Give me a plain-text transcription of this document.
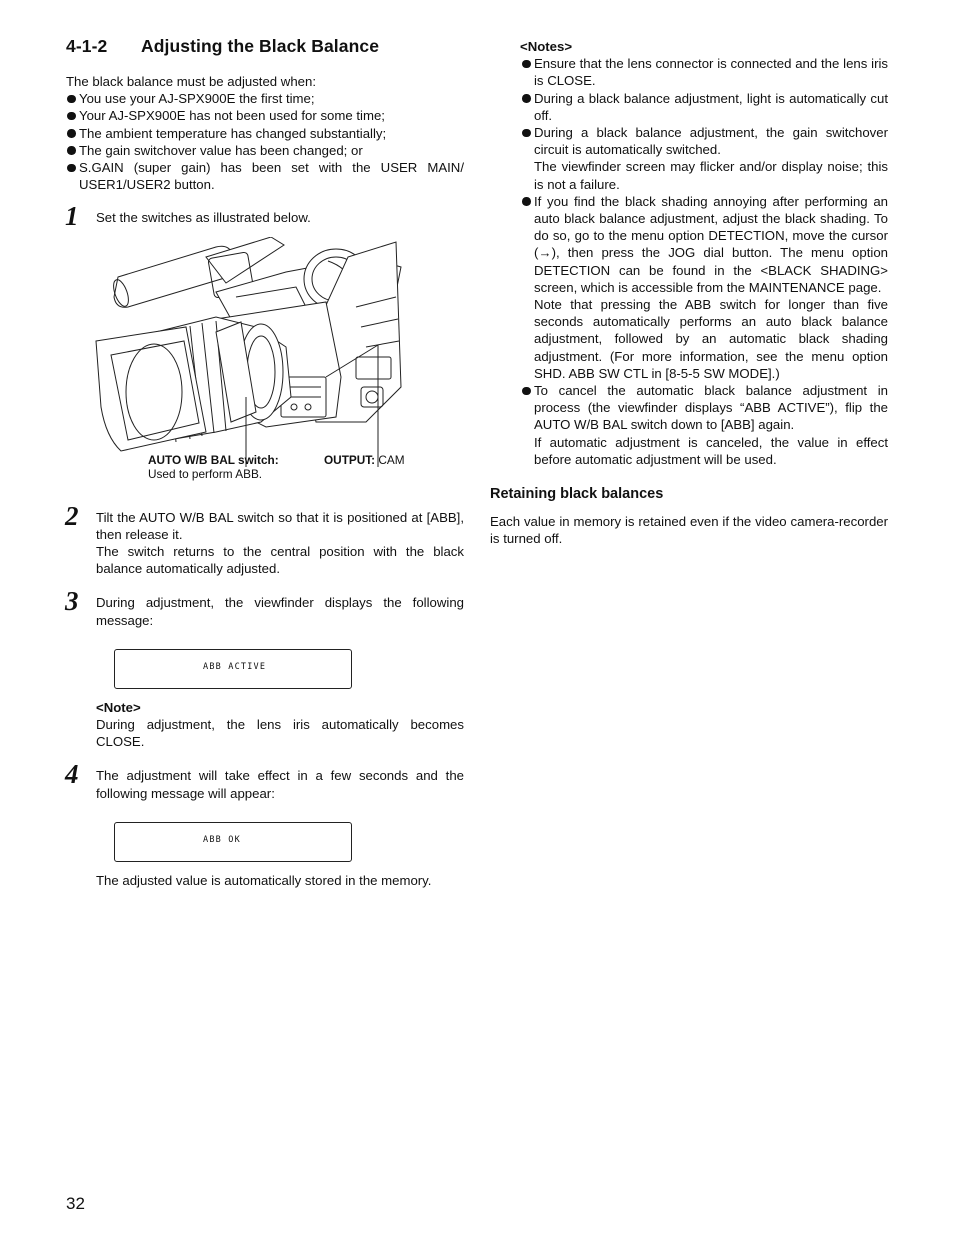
4-1-2 Adjusting the Black Balance

The black balance must be adjusted when:

You use your AJ-SPX900E the first time;
Your AJ-SPX900E has not been used for some time;
The ambient temperature has changed substantially;
The gain switchover value has been changed; or
S.GAIN (super gain) has been set with the USER MAIN/ USER1/USER2 button.
1 Set the switches as illustrated below.

AUTO W/B BAL switch:
Used to perform ABB.
OUTPUT: CAM
2 Tilt the AUTO W/B BAL switch so that it is positioned at [ABB], then release it.

The switch returns to the central position with the black balance automatically adjusted.

3 During adjustment, the viewfinder displays the following message:

ABB ACTIVE

<Note>

During adjustment, the lens iris automatically becomes CLOSE.

4 The adjustment will take effect in a few seconds and the following message will appear:

ABB OK

The adjusted value is automatically stored in the memory.

<Notes>

Ensure that the lens connector is connected and the lens iris is CLOSE.
During a black balance adjustment, light is automatically cut off.
During a black balance adjustment, the gain switchover circuit is automatically switched.
The viewfinder screen may flicker and/or display noise; this is not a failure.
If you find the black shading annoying after performing an auto black balance adjustment, adjust the black shading. To do so, go to the menu option DETECTION, move the cursor (→), then press the JOG dial button. The menu option DETECTION can be found in the <BLACK SHADING> screen, which is accessible from the MAINTENANCE page.
Note that pressing the ABB switch for longer than five seconds automatically performs an auto black balance adjustment, followed by an automatic black shading adjustment. (For more information, see the menu option SHD. ABB SW CTL in [8-5-5 SW MODE].)
To cancel the automatic black balance adjustment in process (the viewfinder displays “ABB ACTIVE”), flip the AUTO W/B BAL switch down to [ABB] again.
If automatic adjustment is canceled, the value in effect before automatic adjustment will be used.

Retaining black balances

Each value in memory is retained even if the video camera-recorder is turned off.

32
